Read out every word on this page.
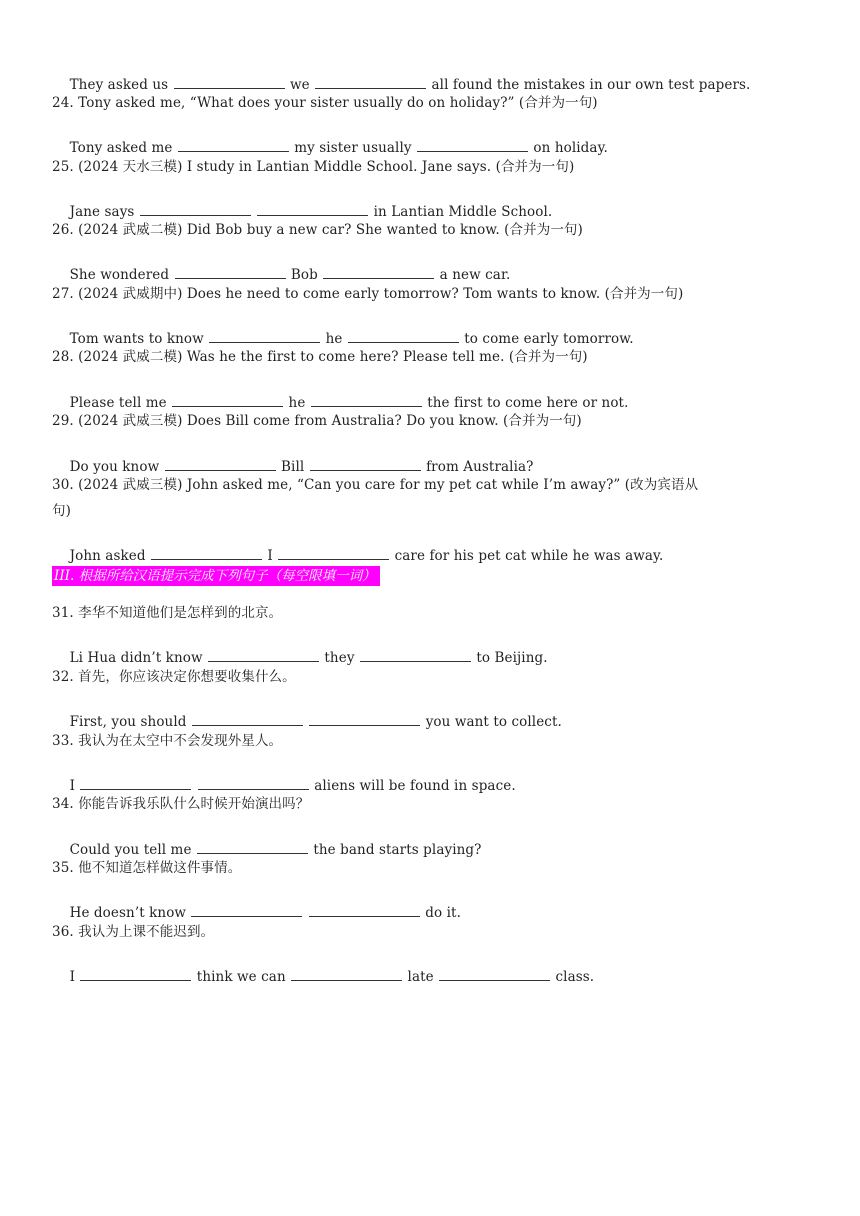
They asked us	we	all found the mistakes in our own test papers.

24. Tony asked me, “What does your sister usually do on holiday?” (合并为一句)

Tony asked me	my sister usually	on holiday.

25. (2024 天水三模) I study in Lantian Middle School. Jane says. (合并为一句)

Jane says	in Lantian Middle School.

26. (2024 武威二模) Did Bob buy a new car? She wanted to know. (合并为一句)

She wondered	Bob	a new car.

27. (2024 武威期中) Does he need to come early tomorrow? Tom wants to know. (合并为一句)

Tom wants to know	he	to come early tomorrow.

28. (2024 武威二模) Was he the first to come here? Please tell me. (合并为一句)

Please tell me	he	the first to come here or not.

29. (2024 武威三模) Does Bill come from Australia? Do you know. (合并为一句)

Do you know	Bill	from Australia?

30. (2024 武威三模) John asked me, “Can you care for my pet cat while I’m away?” (改为宾语从
句)

John asked	I	care for his pet cat while he was away.

III. 根据所给汉语提示完成下列句子（每空限填一词）
31. 李华不知道他们是怎样到的北京。

Li Hua didn’t know	they	to Beijing.

32. 首先，你应该决定你想要收集什么。

First, you should	you want to collect.

33. 我认为在太空中不会发现外星人。

I	aliens will be found in space.

34. 你能告诉我乐队什么时候开始演出吗？

Could you tell me	the band starts playing?

35. 他不知道怎样做这件事情。

He doesn’t know	do it.

36. 我认为上课不能迟到。

I	think we can	late	class.
